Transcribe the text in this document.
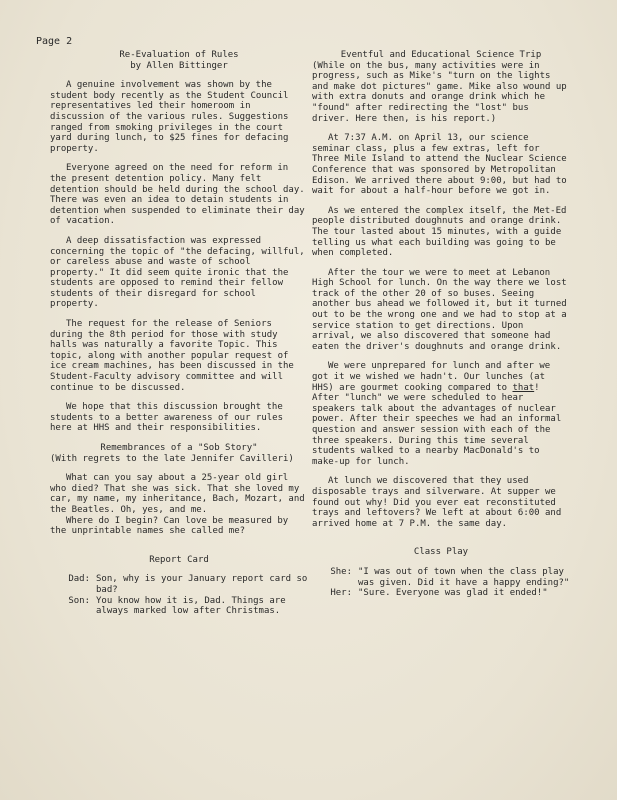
Page 2
Re-Evaluation of Rules
by Allen Bittinger

A genuine involvement was shown by the student body recently as the Student Council representatives led their homeroom in discussion of the various rules. Suggestions ranged from smoking privileges in the court yard during lunch, to $25 fines for defacing property.

Everyone agreed on the need for reform in the present detention policy. Many felt detention should be held during the school day. There was even an idea to detain students in detention when suspended to eliminate their day of vacation.

A deep dissatisfaction was expressed concerning the topic of "the defacing, willful, or careless abuse and waste of school property." It did seem quite ironic that the students are opposed to remind their fellow students of their disregard for school property.

The request for the release of Seniors during the 8th period for those with study halls was naturally a favorite Topic. This topic, along with another popular request of ice cream machines, has been discussed in the Student-Faculty advisory committee and will continue to be discussed.

We hope that this discussion brought the students to a better awareness of our rules here at HHS and their responsibilities.

Remembrances of a "Sob Story"
(With regrets to the late Jennifer Cavilleri)

What can you say about a 25-year old girl who died? That she was sick. That she loved my car, my name, my inheritance, Bach, Mozart, and the Beatles. Oh, yes, and me.

Where do I begin? Can love be measured by the unprintable names she called me?

Report Card
Dad: Son, why is your January report card so bad?
Son: You know how it is, Dad. Things are always marked low after Christmas.
Eventful and Educational Science Trip

(While on the bus, many activities were in progress, such as Mike's "turn on the lights and make dot pictures" game. Mike also wound up with extra donuts and orange drink which he "found" after redirecting the "lost" bus driver. Here then, is his report.)

At 7:37 A.M. on April 13, our science seminar class, plus a few extras, left for Three Mile Island to attend the Nuclear Science Conference that was sponsored by Metropolitan Edison. We arrived there about 9:00, but had to wait for about a half-hour before we got in.

As we entered the complex itself, the Met-Ed people distributed doughnuts and orange drink. The tour lasted about 15 minutes, with a guide telling us what each building was going to be when completed.

After the tour we were to meet at Lebanon High School for lunch. On the way there we lost track of the other 20 of so buses. Seeing another bus ahead we followed it, but it turned out to be the wrong one and we had to stop at a service station to get directions. Upon arrival, we also discovered that someone had eaten the driver's doughnuts and orange drink.

We were unprepared for lunch and after we got it we wished we hadn't. Our lunches (at HHS) are gourmet cooking compared to that! After "lunch" we were scheduled to hear speakers talk about the advantages of nuclear power. After their speeches we had an informal question and answer session with each of the three speakers. During this time several students walked to a nearby MacDonald's to make-up for lunch.

At lunch we discovered that they used disposable trays and silverware. At supper we found out why! Did you ever eat reconstituted trays and leftovers? We left at about 6:00 and arrived home at 7 P.M. the same day.

Class Play
She: "I was out of town when the class play was given. Did it have a happy ending?"
Her: "Sure. Everyone was glad it ended!"
